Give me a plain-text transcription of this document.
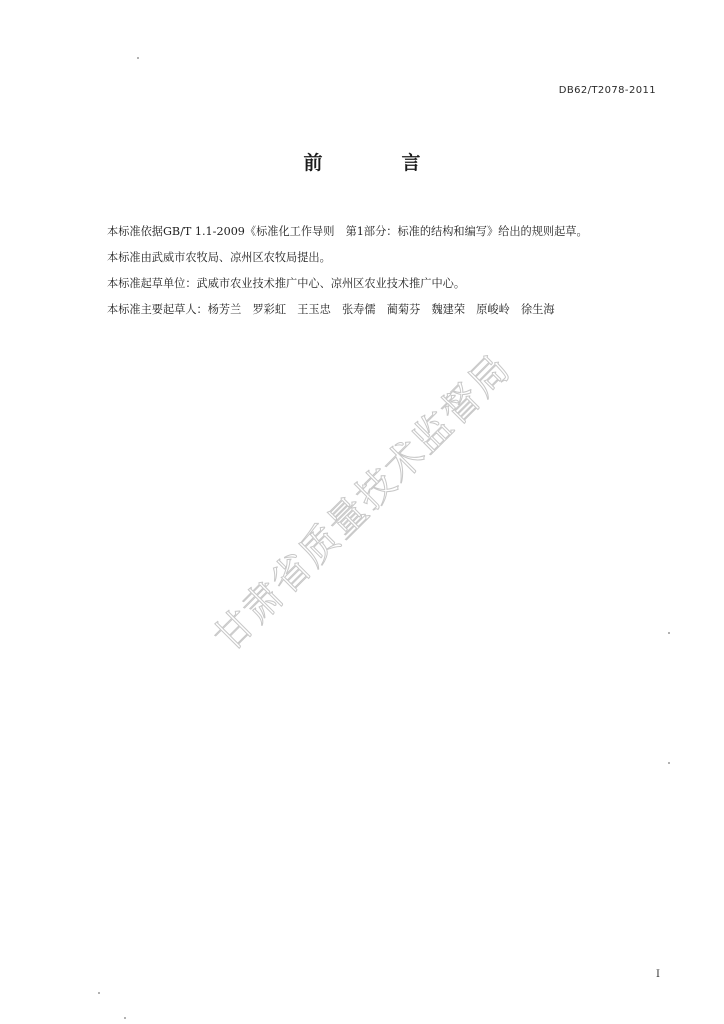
DB62/T2078-2011
前　言
本标准依据GB/T 1.1-2009《标准化工作导则　第1部分：标准的结构和编写》给出的规则起草。
本标准由武威市农牧局、凉州区农牧局提出。
本标准起草单位：武威市农业技术推广中心、凉州区农业技术推广中心。
本标准主要起草人：杨芳兰　罗彩虹　王玉忠　张寿儒　蔺菊芬　魏建荣　原峻岭　徐生海
甘肃省质量技术监督局
I
